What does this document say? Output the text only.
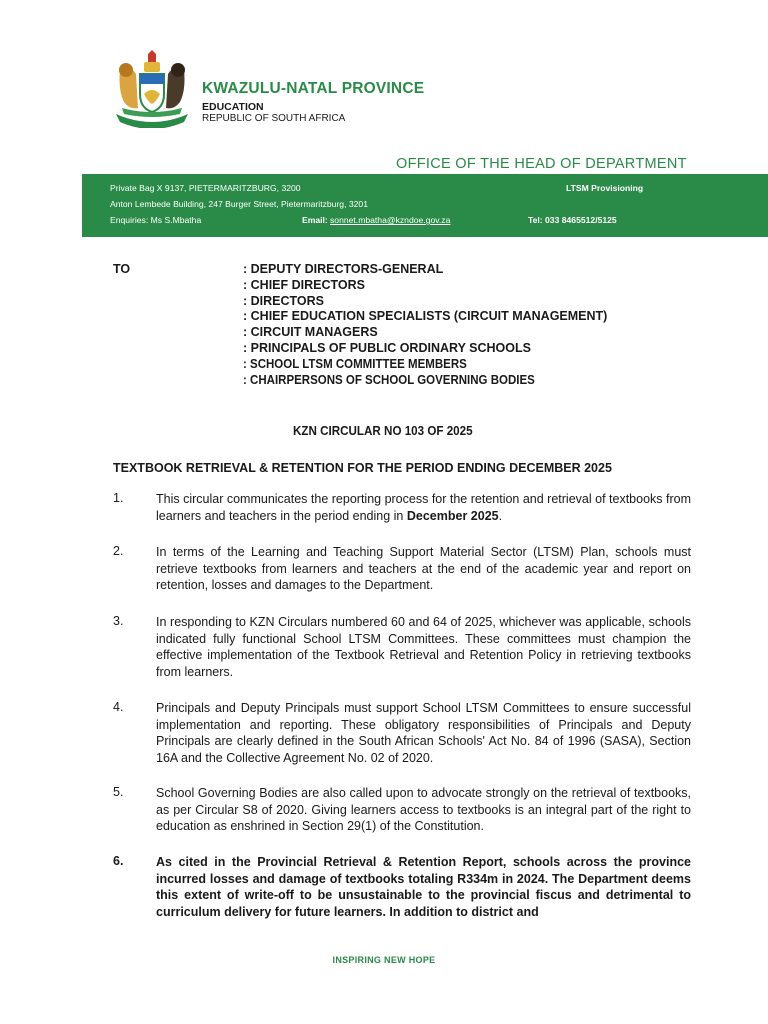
KWAZULU-NATAL PROVINCE
EDUCATION
REPUBLIC OF SOUTH AFRICA
OFFICE OF THE HEAD OF DEPARTMENT
Private Bag X 9137, PIETERMARITZBURG, 3200
Anton Lembede Building, 247 Burger Street, Pietermaritzburg, 3201
Enquiries: Ms S.Mbatha	Email: sonnet.mbatha@kzndoe.gov.za
LTSM Provisioning
Tel: 033 8465512/5125
TO	: DEPUTY DIRECTORS-GENERAL
: CHIEF DIRECTORS
: DIRECTORS
: CHIEF EDUCATION SPECIALISTS (CIRCUIT MANAGEMENT)
: CIRCUIT MANAGERS
: PRINCIPALS OF PUBLIC ORDINARY SCHOOLS
: SCHOOL LTSM COMMITTEE MEMBERS
: CHAIRPERSONS OF SCHOOL GOVERNING BODIES
KZN CIRCULAR NO 103 OF 2025
TEXTBOOK RETRIEVAL & RETENTION FOR THE PERIOD ENDING DECEMBER 2025
1.	This circular communicates the reporting process for the retention and retrieval of textbooks from learners and teachers in the period ending in December 2025.
2.	In terms of the Learning and Teaching Support Material Sector (LTSM) Plan, schools must retrieve textbooks from learners and teachers at the end of the academic year and report on retention, losses and damages to the Department.
3.	In responding to KZN Circulars numbered 60 and 64 of 2025, whichever was applicable, schools indicated fully functional School LTSM Committees. These committees must champion the effective implementation of the Textbook Retrieval and Retention Policy in retrieving textbooks from learners.
4.	Principals and Deputy Principals must support School LTSM Committees to ensure successful implementation and reporting. These obligatory responsibilities of Principals and Deputy Principals are clearly defined in the South African Schools' Act No. 84 of 1996 (SASA), Section 16A and the Collective Agreement No. 02 of 2020.
5.	School Governing Bodies are also called upon to advocate strongly on the retrieval of textbooks, as per Circular S8 of 2020. Giving learners access to textbooks is an integral part of the right to education as enshrined in Section 29(1) of the Constitution.
6.	As cited in the Provincial Retrieval & Retention Report, schools across the province incurred losses and damage of textbooks totaling R334m in 2024. The Department deems this extent of write-off to be unsustainable to the provincial fiscus and detrimental to curriculum delivery for future learners. In addition to district and
INSPIRING NEW HOPE
